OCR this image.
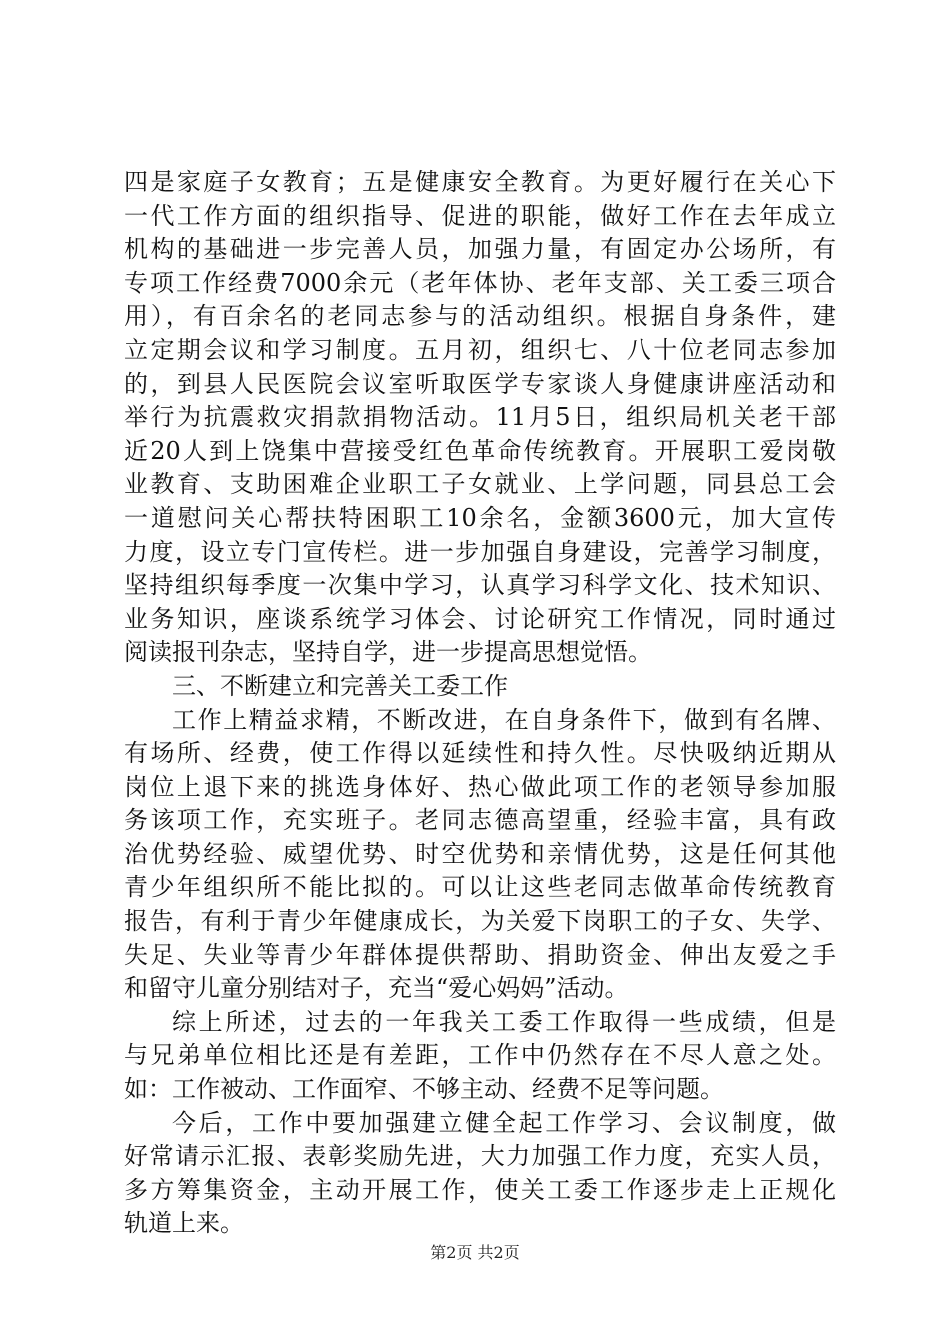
四是家庭子女教育；五是健康安全教育。为更好履行在关心下
一代工作方面的组织指导、促进的职能，做好工作在去年成立
机构的基础进一步完善人员，加强力量，有固定办公场所，有
专项工作经费7000余元（老年体协、老年支部、关工委三项合
用），有百余名的老同志参与的活动组织。根据自身条件，建
立定期会议和学习制度。五月初，组织七、八十位老同志参加
的，到县人民医院会议室听取医学专家谈人身健康讲座活动和
举行为抗震救灾捐款捐物活动。11月5日，组织局机关老干部
近20人到上饶集中营接受红色革命传统教育。开展职工爱岗敬
业教育、支助困难企业职工子女就业、上学问题，同县总工会
一道慰问关心帮扶特困职工10余名，金额3600元，加大宣传
力度，设立专门宣传栏。进一步加强自身建设，完善学习制度，
坚持组织每季度一次集中学习，认真学习科学文化、技术知识、
业务知识，座谈系统学习体会、讨论研究工作情况，同时通过
阅读报刊杂志，坚持自学，进一步提高思想觉悟。
三、不断建立和完善关工委工作
工作上精益求精，不断改进，在自身条件下，做到有名牌、
有场所、经费，使工作得以延续性和持久性。尽快吸纳近期从
岗位上退下来的挑选身体好、热心做此项工作的老领导参加服
务该项工作，充实班子。老同志德高望重，经验丰富，具有政
治优势经验、威望优势、时空优势和亲情优势，这是任何其他
青少年组织所不能比拟的。可以让这些老同志做革命传统教育
报告，有利于青少年健康成长，为关爱下岗职工的子女、失学、
失足、失业等青少年群体提供帮助、捐助资金、伸出友爱之手
和留守儿童分别结对子，充当“爱心妈妈”活动。
综上所述，过去的一年我关工委工作取得一些成绩，但是
与兄弟单位相比还是有差距，工作中仍然存在不尽人意之处。
如：工作被动、工作面窄、不够主动、经费不足等问题。
今后，工作中要加强建立健全起工作学习、会议制度，做
好常请示汇报、表彰奖励先进，大力加强工作力度，充实人员，
多方筹集资金，主动开展工作，使关工委工作逐步走上正规化
轨道上来。
第2页 共2页
